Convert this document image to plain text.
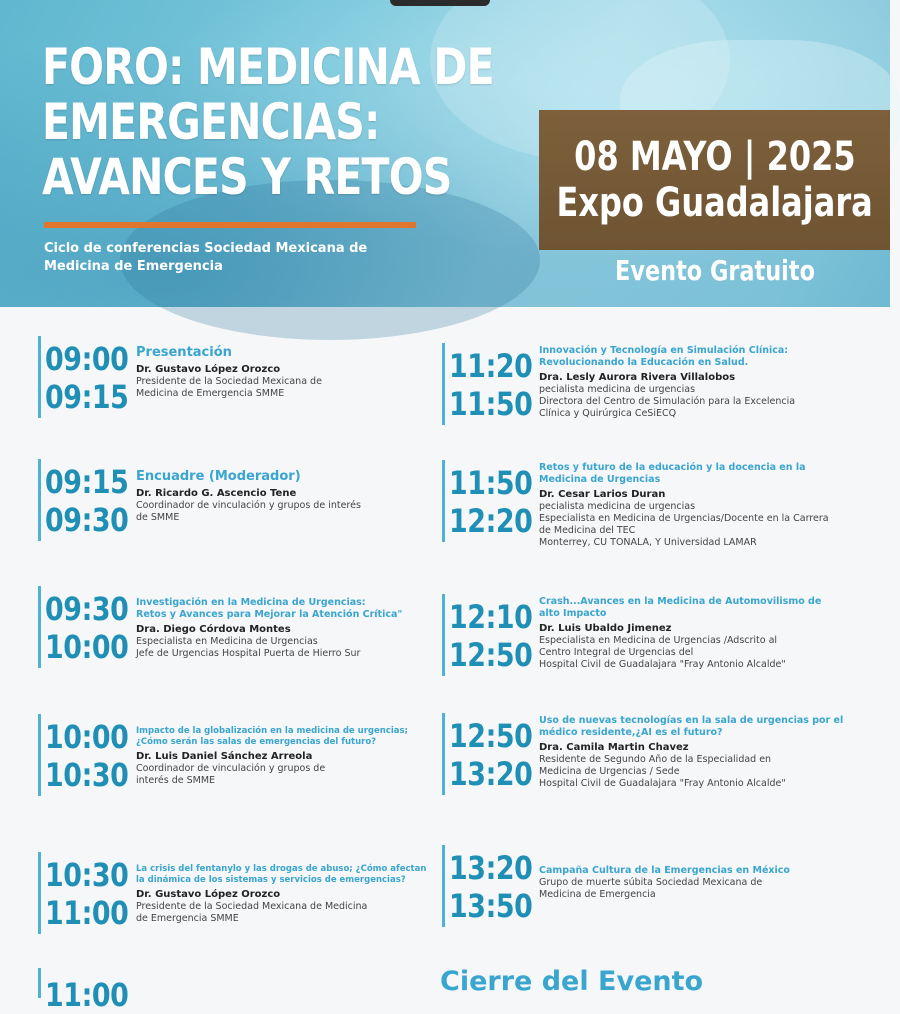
FORO: MEDICINA DE
EMERGENCIAS:
AVANCES Y RETOS
Ciclo de conferencias Sociedad Mexicana de
Medicina de Emergencia
08 MAYO | 2025
Expo Guadalajara
Evento Gratuito
09:00
09:15
Presentación
Dr. Gustavo López Orozco
Presidente de la Sociedad Mexicana de
Medicina de Emergencia SMME
09:15
09:30
Encuadre (Moderador)
Dr. Ricardo G. Ascencio Tene
Coordinador de vinculación y grupos de interés
de SMME
09:30
10:00
Investigación en la Medicina de Urgencias:
Retos y Avances para Mejorar la Atención Crítica"
Dra. Diego Córdova Montes
Especialista en Medicina de Urgencias
Jefe de Urgencias Hospital Puerta de Hierro Sur
10:00
10:30
Impacto de la globalización en la medicina de urgencias;
¿Cómo serán las salas de emergencias del futuro?
Dr. Luis Daniel Sánchez Arreola
Coordinador de vinculación y grupos de
interés de SMME
10:30
11:00
La crisis del fentanylo y las drogas de abuso; ¿Cómo afectan
la dinámica de los sistemas y servicios de emergencias?
Dr. Gustavo López Orozco
Presidente de la Sociedad Mexicana de Medicina
de Emergencia SMME
11:20
11:50
Innovación y Tecnología en Simulación Clínica:
Revolucionando la Educación en Salud.
Dra. Lesly Aurora Rivera Villalobos
pecialista medicina de urgencias
Directora del Centro de Simulación para la Excelencia
Clínica y Quirúrgica CeSiECQ
11:50
12:20
Retos y futuro de la educación y la docencia en la
Medicina de Urgencias
Dr. Cesar Larios Duran
pecialista medicina de urgencias
Especialista en Medicina de Urgencias/Docente en la Carrera
de Medicina del TEC
Monterrey, CU TONALA, Y Universidad LAMAR
12:10
12:50
Crash...Avances en la Medicina de Automovilismo de
alto Impacto
Dr. Luis Ubaldo Jimenez
Especialista en Medicina de Urgencias /Adscrito al
Centro Integral de Urgencias del
Hospital Civil de Guadalajara "Fray Antonio Alcalde"
12:50
13:20
Uso de nuevas tecnologías en la sala de urgencias por el
médico residente,¿AI es el futuro?
Dra. Camila Martin Chavez
Residente de Segundo Año de la Especialidad en
Medicina de Urgencias / Sede
Hospital Civil de Guadalajara "Fray Antonio Alcalde"
13:20
13:50
Campaña Cultura de la Emergencias en México
Grupo de muerte súbita Sociedad Mexicana de
Medicina de Emergencia
11:00	Cierre del Evento
